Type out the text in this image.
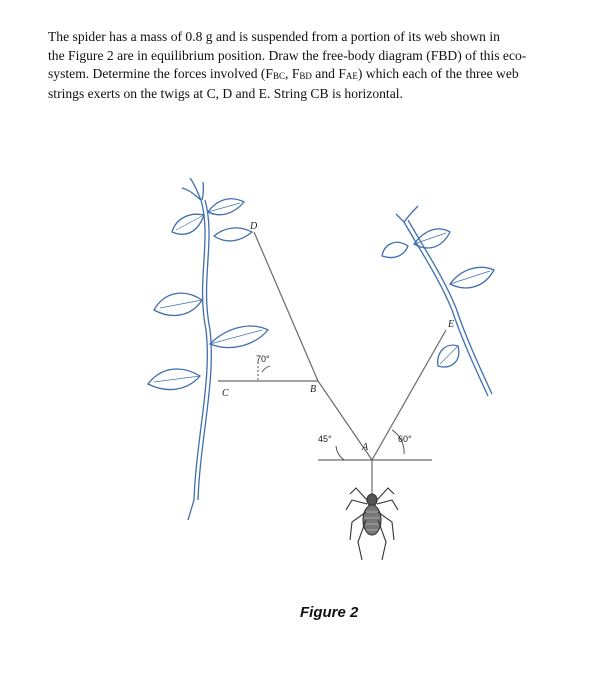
The spider has a mass of 0.8 g and is suspended from a portion of its web shown in
the Figure 2 are in equilibrium position. Draw the free-body diagram (FBD) of this eco-
system. Determine the forces involved ($F_{BC}$, $F_{BD}$ and $F_{AE}$) which each of the three web
strings exerts on the twigs at C, D and E. String CB is horizontal.

D
C	B
A
E
70°
45°	60°
Figure 2
